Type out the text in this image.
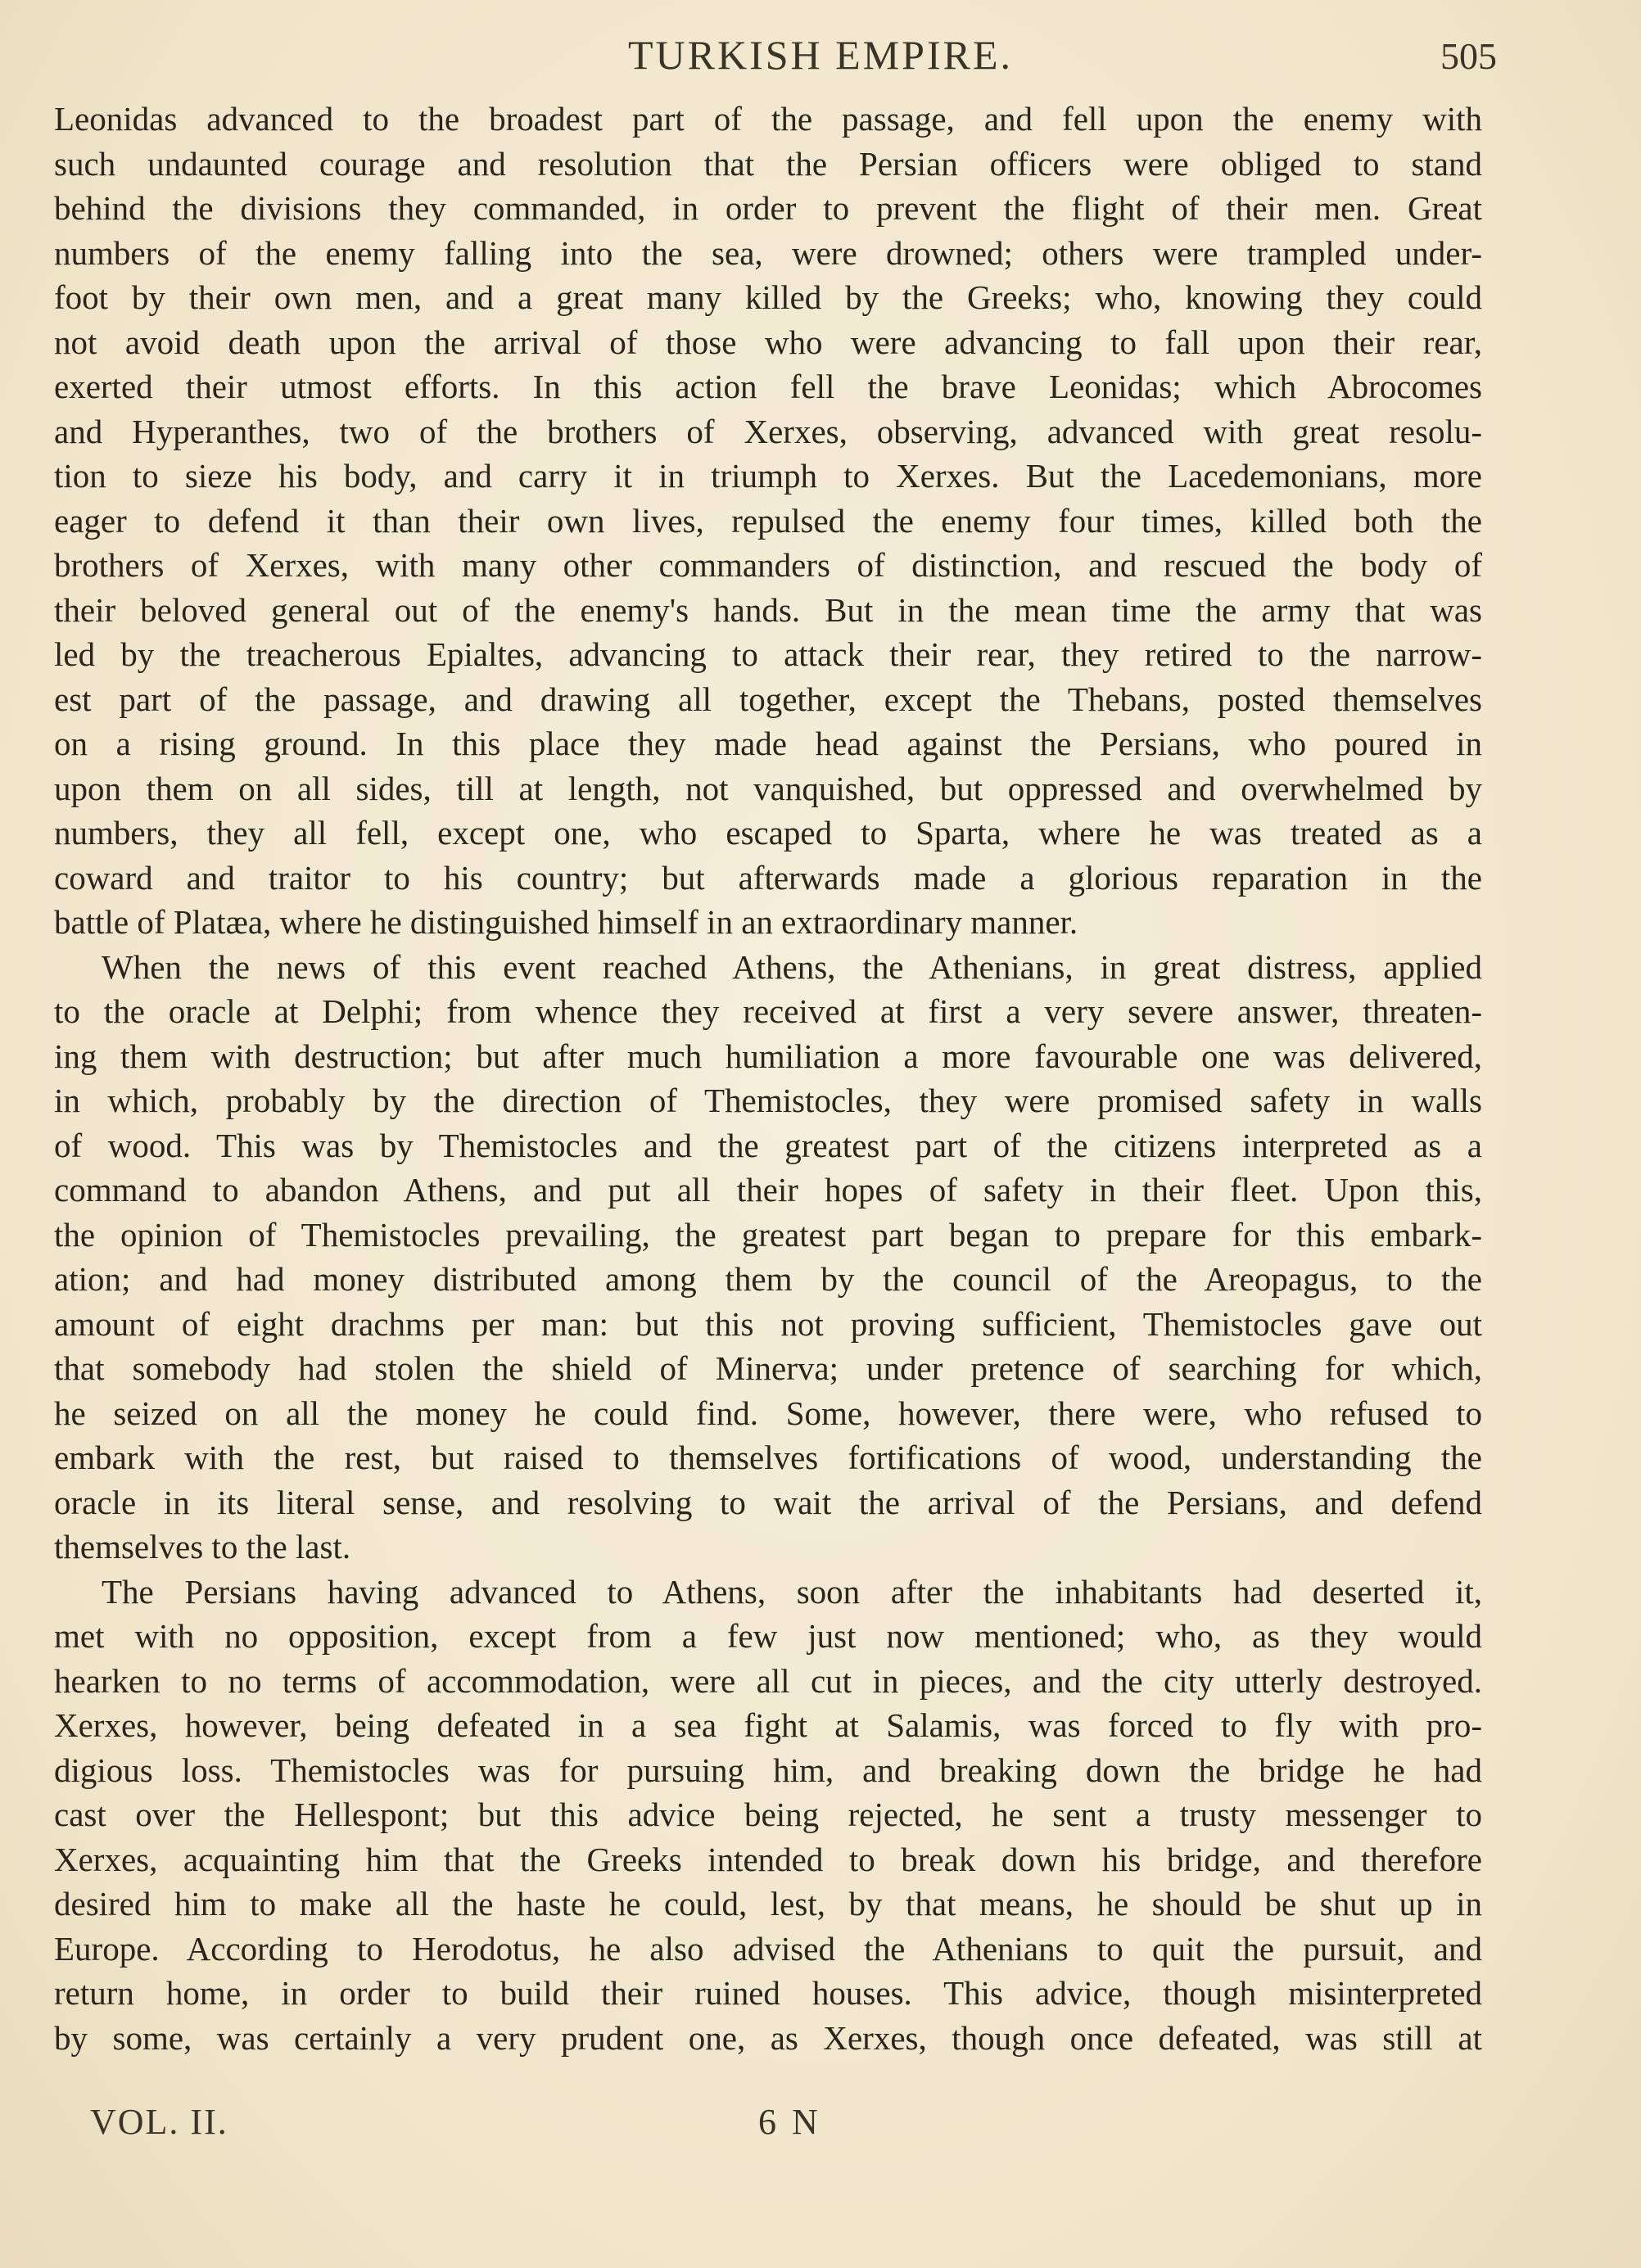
TURKISH EMPIRE.	505
Leonidas advanced to the broadest part of the passage, and fell upon the enemy with
such undaunted courage and resolution that the Persian officers were obliged to stand
behind the divisions they commanded, in order to prevent the flight of their men. Great
numbers of the enemy falling into the sea, were drowned; others were trampled under-
foot by their own men, and a great many killed by the Greeks; who, knowing they could
not avoid death upon the arrival of those who were advancing to fall upon their rear,
exerted their utmost efforts. In this action fell the brave Leonidas; which Abrocomes
and Hyperanthes, two of the brothers of Xerxes, observing, advanced with great resolu-
tion to sieze his body, and carry it in triumph to Xerxes. But the Lacedemonians, more
eager to defend it than their own lives, repulsed the enemy four times, killed both the
brothers of Xerxes, with many other commanders of distinction, and rescued the body of
their beloved general out of the enemy's hands. But in the mean time the army that was
led by the treacherous Epialtes, advancing to attack their rear, they retired to the narrow-
est part of the passage, and drawing all together, except the Thebans, posted themselves
on a rising ground. In this place they made head against the Persians, who poured in
upon them on all sides, till at length, not vanquished, but oppressed and overwhelmed by
numbers, they all fell, except one, who escaped to Sparta, where he was treated as a
coward and traitor to his country; but afterwards made a glorious reparation in the
battle of Platæa, where he distinguished himself in an extraordinary manner.
When the news of this event reached Athens, the Athenians, in great distress, applied
to the oracle at Delphi; from whence they received at first a very severe answer, threaten-
ing them with destruction; but after much humiliation a more favourable one was delivered,
in which, probably by the direction of Themistocles, they were promised safety in walls
of wood. This was by Themistocles and the greatest part of the citizens interpreted as a
command to abandon Athens, and put all their hopes of safety in their fleet. Upon this,
the opinion of Themistocles prevailing, the greatest part began to prepare for this embark-
ation; and had money distributed among them by the council of the Areopagus, to the
amount of eight drachms per man: but this not proving sufficient, Themistocles gave out
that somebody had stolen the shield of Minerva; under pretence of searching for which,
he seized on all the money he could find. Some, however, there were, who refused to
embark with the rest, but raised to themselves fortifications of wood, understanding the
oracle in its literal sense, and resolving to wait the arrival of the Persians, and defend
themselves to the last.
The Persians having advanced to Athens, soon after the inhabitants had deserted it,
met with no opposition, except from a few just now mentioned; who, as they would
hearken to no terms of accommodation, were all cut in pieces, and the city utterly destroyed.
Xerxes, however, being defeated in a sea fight at Salamis, was forced to fly with pro-
digious loss. Themistocles was for pursuing him, and breaking down the bridge he had
cast over the Hellespont; but this advice being rejected, he sent a trusty messenger to
Xerxes, acquainting him that the Greeks intended to break down his bridge, and therefore
desired him to make all the haste he could, lest, by that means, he should be shut up in
Europe. According to Herodotus, he also advised the Athenians to quit the pursuit, and
return home, in order to build their ruined houses. This advice, though misinterpreted
by some, was certainly a very prudent one, as Xerxes, though once defeated, was still at
VOL. II.	6 N
